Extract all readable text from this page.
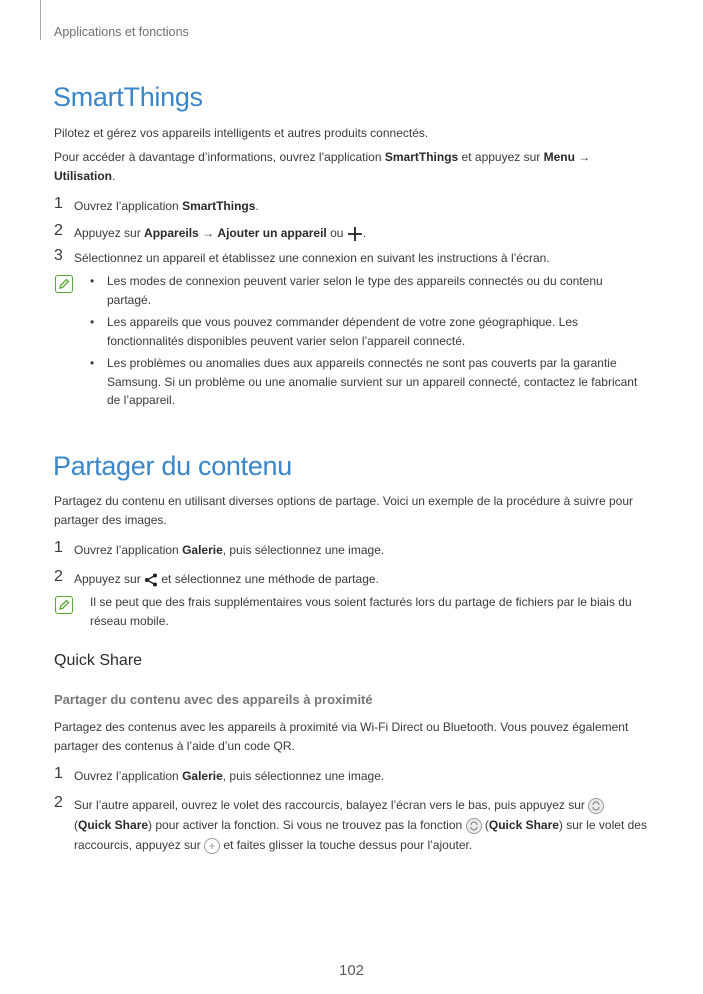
Applications et fonctions
SmartThings
Pilotez et gérez vos appareils intelligents et autres produits connectés.
Pour accéder à davantage d’informations, ouvrez l’application SmartThings et appuyez sur Menu →
Utilisation.
1 Ouvrez l’application SmartThings.
2 Appuyez sur Appareils → Ajouter un appareil ou .
3 Sélectionnez un appareil et établissez une connexion en suivant les instructions à l’écran.
• Les modes de connexion peuvent varier selon le type des appareils connectés ou du contenu partagé.
• Les appareils que vous pouvez commander dépendent de votre zone géographique. Les fonctionnalités disponibles peuvent varier selon l’appareil connecté.
• Les problèmes ou anomalies dues aux appareils connectés ne sont pas couverts par la garantie Samsung. Si un problème ou une anomalie survient sur un appareil connecté, contactez le fabricant de l’appareil.
Partager du contenu
Partagez du contenu en utilisant diverses options de partage. Voici un exemple de la procédure à suivre pour partager des images.
1 Ouvrez l’application Galerie, puis sélectionnez une image.
2 Appuyez sur  et sélectionnez une méthode de partage.
Il se peut que des frais supplémentaires vous soient facturés lors du partage de fichiers par le biais du réseau mobile.
Quick Share
Partager du contenu avec des appareils à proximité
Partagez des contenus avec les appareils à proximité via Wi-Fi Direct ou Bluetooth. Vous pouvez également partager des contenus à l’aide d’un code QR.
1 Ouvrez l’application Galerie, puis sélectionnez une image.
2 Sur l’autre appareil, ouvrez le volet des raccourcis, balayez l’écran vers le bas, puis appuyez sur

(Quick Share) pour activer la fonction. Si vous ne trouvez pas la fonction
(Quick Share) sur le volet des raccourcis, appuyez sur
et faites glisser la touche dessus pour l’ajouter.
102
